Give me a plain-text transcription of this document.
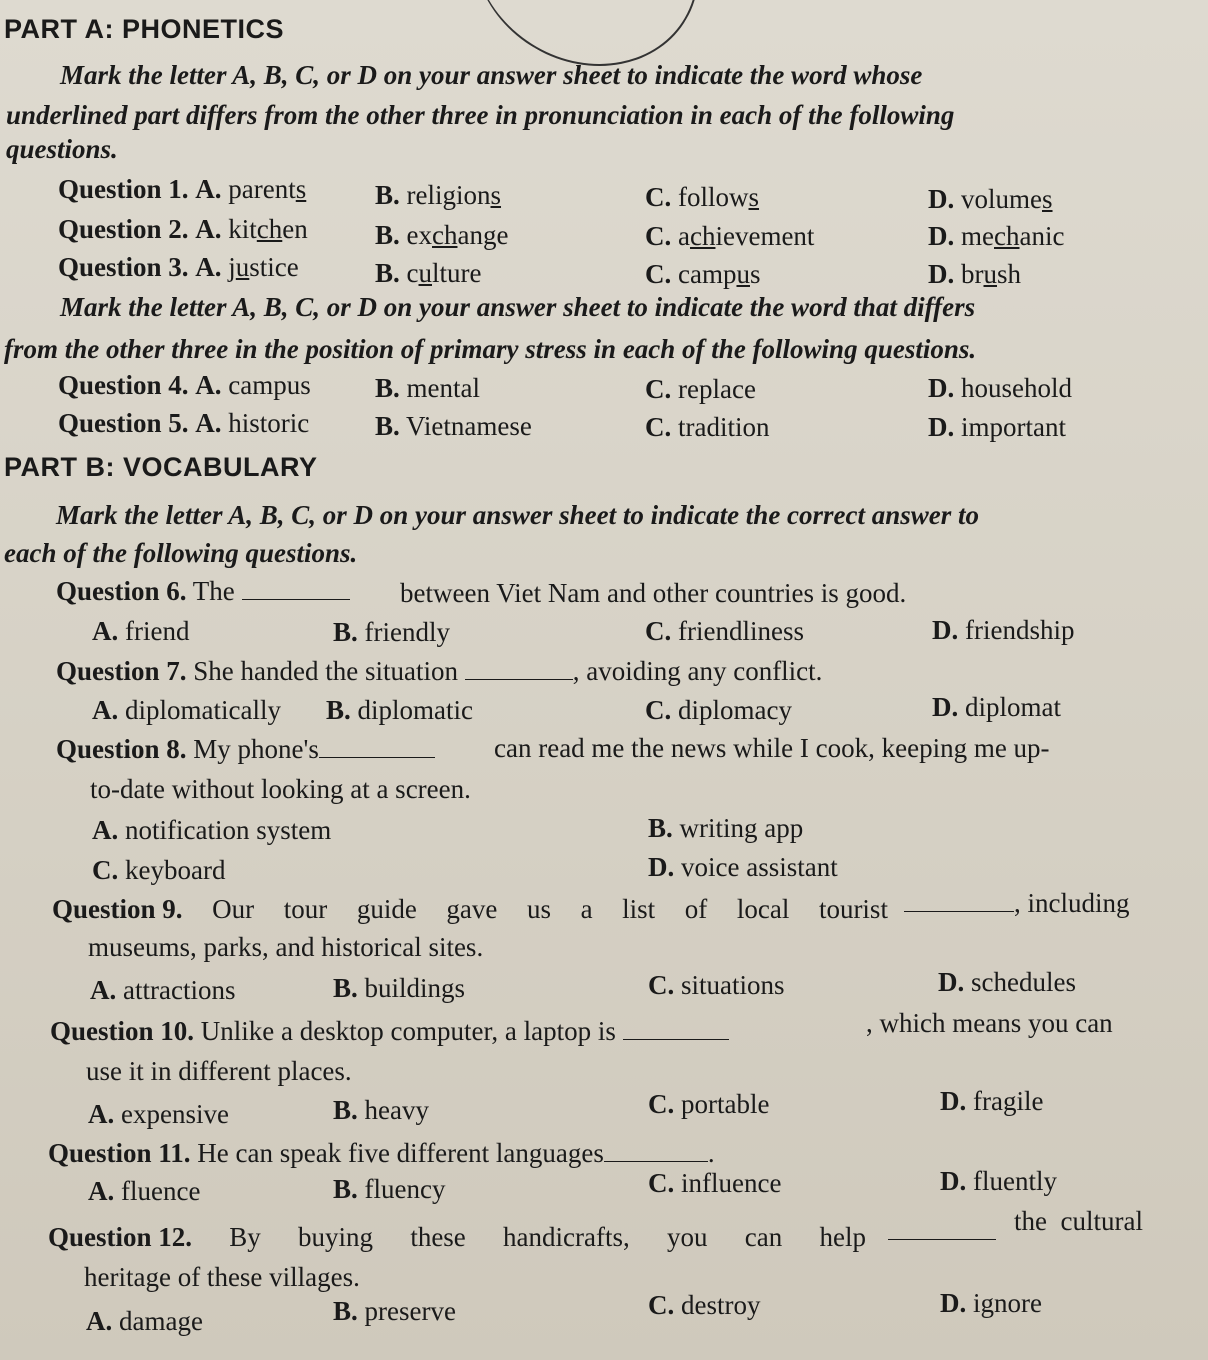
PART A: PHONETICS
Mark the letter A, B, C, or D on your answer sheet to indicate the word whose
underlined part differs from the other three in pronunciation in each of the following
questions.
Question 1. A. parents	B. religions	C. follows	D. volumes
Question 2. A. kitchen B. exchange	C. achievement	D. mechanic
Question 3. A. justice	B. culture	C. campus	D. brush
Mark the letter A, B, C, or D on your answer sheet to indicate the word that differs
from the other three in the position of primary stress in each of the following questions.
Question 4. A. campus B. mental	C. replace	D. household
Question 5. A. historic B. Vietnamese	C. tradition	D. important
PART B: VOCABULARY
Mark the letter A, B, C, or D on your answer sheet to indicate the correct answer to
each of the following questions.
Question 6. The	between Viet Nam and other countries is good.
A. friend	B. friendly	C. friendliness	D. friendship
Question 7. She handed the situation	, avoiding any conflict.
A. diplomatically B. diplomatic	C. diplomacy	D. diplomat
Question 8. My phone's	can read me the news while I cook, keeping me up-
to-date without looking at a screen.
A. notification system	B. writing app
C. keyboard	D. voice assistant
Question 9. Our tour guide gave us a list of local tourist	, including
museums, parks, and historical sites.
A. attractions	B. buildings	C. situations	D. schedules
Question 10. Unlike a desktop computer, a laptop is	, which means you can
use it in different places.
A. expensive	B. heavy	C. portable	D. fragile
Question 11. He can speak five different languages	.
A. fluence	B. fluency	C. influence	D. fluently
Question 12. By buying these handicrafts, you can help
the  cultural
heritage of these villages.
A. damage	B. preserve	C. destroy	D. ignore
